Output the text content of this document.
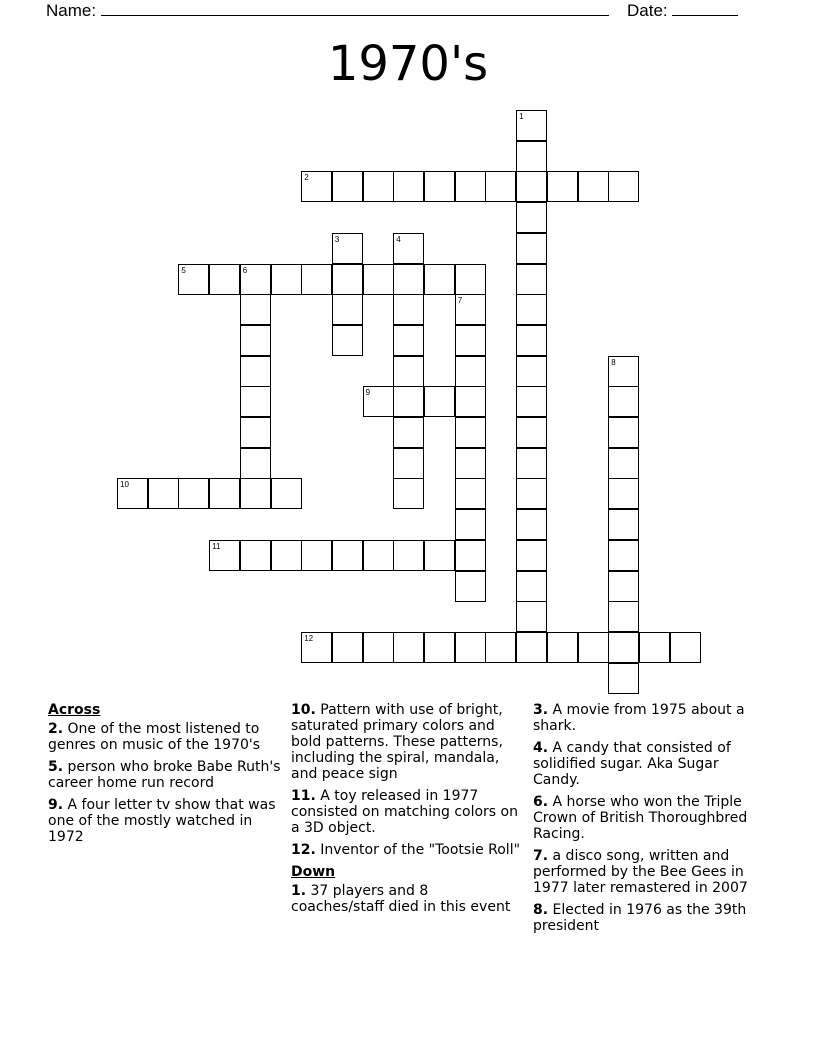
Name:	Date:
1970's
2
5	6
9
10
11
12
1
3	4
7
8
Across
2. One of the most listened to genres on music of the 1970's
5. person who broke Babe Ruth's career home run record
9. A four letter tv show that was one of the mostly watched in 1972
10. Pattern with use of bright, saturated primary colors and bold patterns. These patterns, including the spiral, mandala, and peace sign
11. A toy released in 1977 consisted on matching colors on a 3D object.
12. Inventor of the "Tootsie Roll"
Down
1. 37 players and 8 coaches/staff died in this event
3. A movie from 1975 about a shark.
4. A candy that consisted of solidified sugar. Aka Sugar Candy.
6. A horse who won the Triple Crown of British Thoroughbred Racing.
7. a disco song, written and performed by the Bee Gees in 1977 later remastered in 2007
8. Elected in 1976 as the 39th president
